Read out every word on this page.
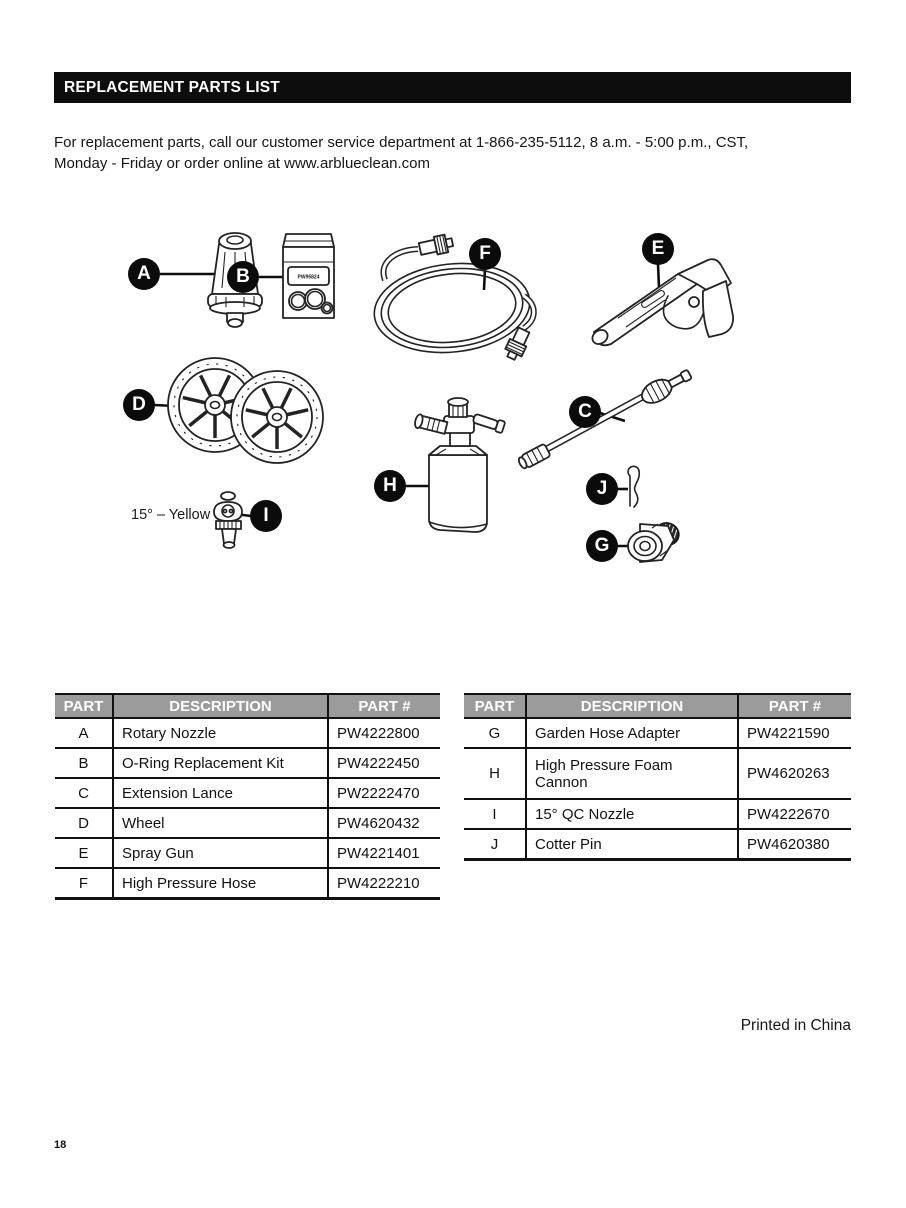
REPLACEMENT PARTS LIST
For replacement parts, call our customer service department at 1-866-235-5112, 8 a.m. - 5:00 p.m., CST,
Monday - Friday or order online at www.arblueclean.com
PW95824
A	B
F	E
D	C
H	J
G
I
15° – Yellow
PART	DESCRIPTION	PART #
A	Rotary Nozzle	PW4222800
B	O-Ring Replacement Kit	PW4222450
C	Extension Lance	PW2222470
D	Wheel	PW4620432
E	Spray Gun	PW4221401
F	High Pressure Hose	PW4222210
PART	DESCRIPTION	PART #
G	Garden Hose Adapter	PW4221590
H	High Pressure Foam Cannon	PW4620263
I	15° QC Nozzle	PW4222670
J	Cotter Pin	PW4620380
Printed in China
18
